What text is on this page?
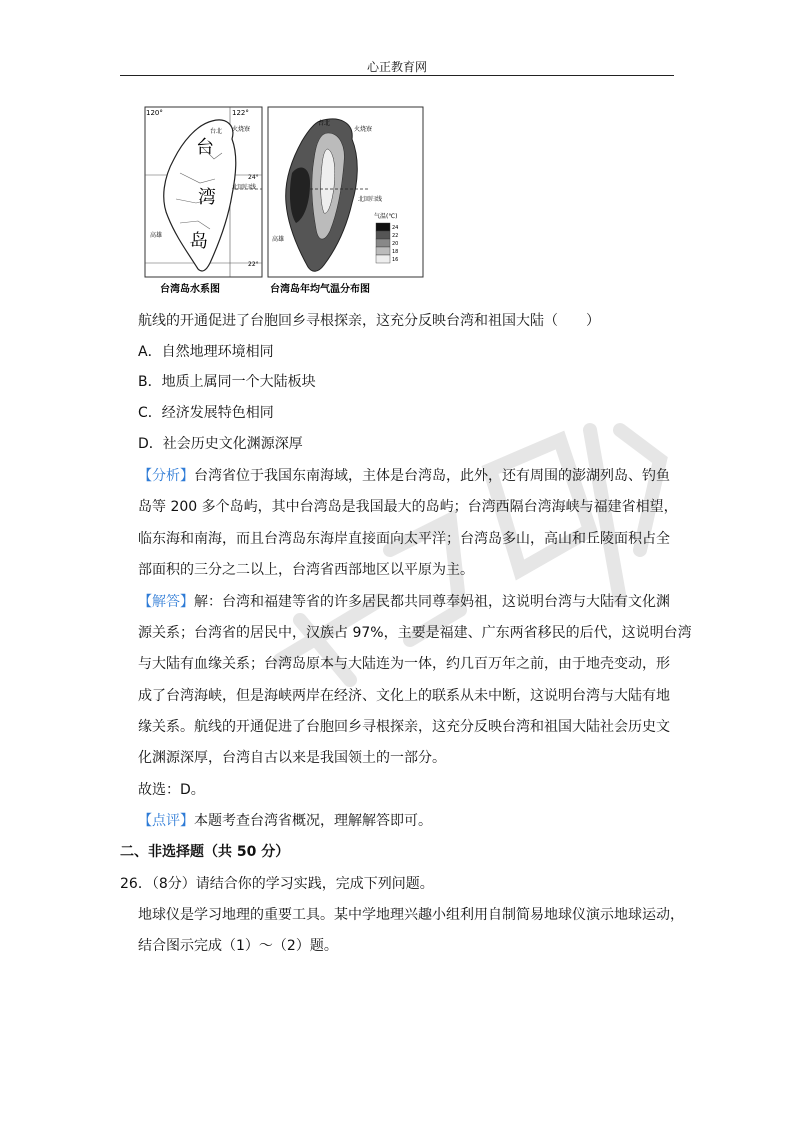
心正教育网
120°	122°
24°
22°
台
湾
岛
台北 火烧寮
北回归线
高雄
台湾岛水系图
台北
火烧寮
北回归线
高雄
气温(℃)
24
22
20
18
16
台湾岛年均气温分布图
航线的开通促进了台胞回乡寻根探亲，这充分反映台湾和祖国大陆（　　）
A．自然地理环境相同
B．地质上属同一个大陆板块
C．经济发展特色相同
D．社会历史文化渊源深厚
【分析】台湾省位于我国东南海域，主体是台湾岛，此外，还有周围的澎湖列岛、钓鱼
岛等 200 多个岛屿，其中台湾岛是我国最大的岛屿；台湾西隔台湾海峡与福建省相望，
临东海和南海，而且台湾岛东海岸直接面向太平洋；台湾岛多山，高山和丘陵面积占全
部面积的三分之二以上，台湾省西部地区以平原为主。
【解答】解：台湾和福建等省的许多居民都共同尊奉妈祖，这说明台湾与大陆有文化渊
源关系；台湾省的居民中，汉族占 97%，主要是福建、广东两省移民的后代，这说明台湾
与大陆有血缘关系；台湾岛原本与大陆连为一体，约几百万年之前，由于地壳变动，形
成了台湾海峡，但是海峡两岸在经济、文化上的联系从未中断，这说明台湾与大陆有地
缘关系。航线的开通促进了台胞回乡寻根探亲，这充分反映台湾和祖国大陆社会历史文
化渊源深厚，台湾自古以来是我国领土的一部分。
故选：D。
【点评】本题考查台湾省概况，理解解答即可。
二、非选择题（共 50 分）
26．（8分）请结合你的学习实践，完成下列问题。
地球仪是学习地理的重要工具。某中学地理兴趣小组利用自制简易地球仪演示地球运动，
结合图示完成（1）～（2）题。
